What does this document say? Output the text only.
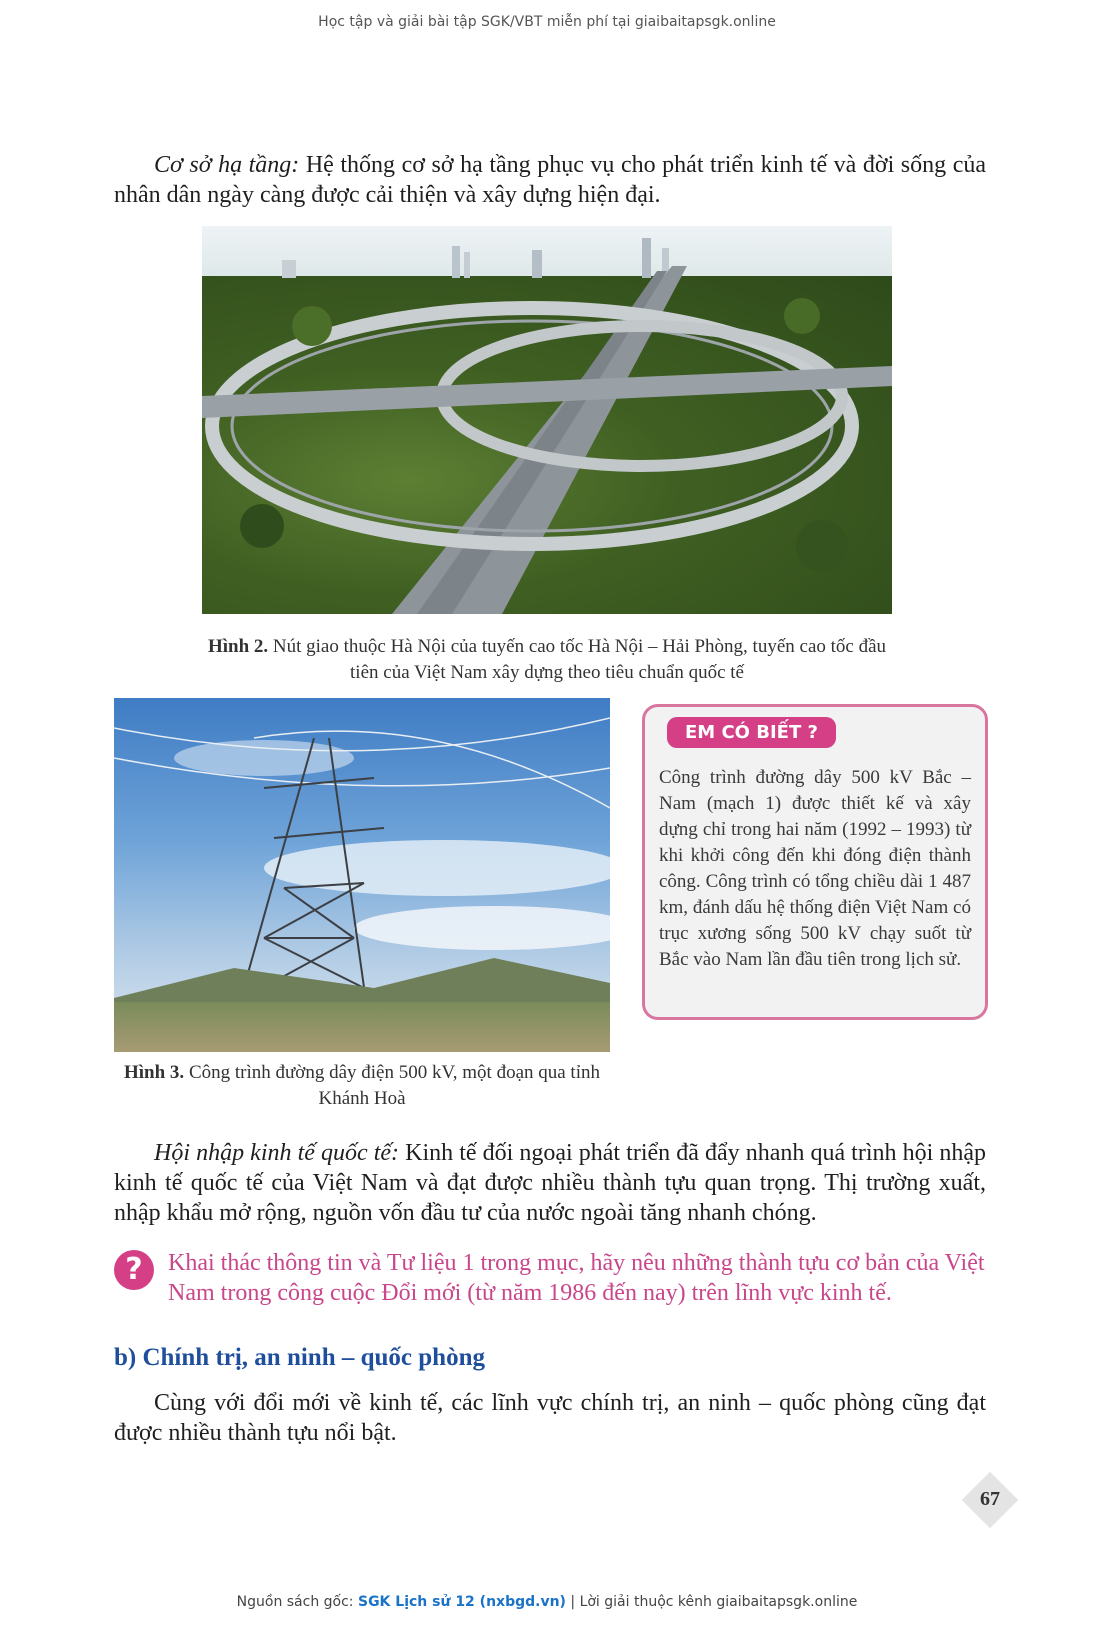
Học tập và giải bài tập SGK/VBT miễn phí tại giaibaitapsgk.online
Cơ sở hạ tầng: Hệ thống cơ sở hạ tầng phục vụ cho phát triển kinh tế và đời sống của nhân dân ngày càng được cải thiện và xây dựng hiện đại.
Hình 2. Nút giao thuộc Hà Nội của tuyến cao tốc Hà Nội – Hải Phòng, tuyến cao tốc đầu tiên của Việt Nam xây dựng theo tiêu chuẩn quốc tế
Hình 3. Công trình đường dây điện 500 kV, một đoạn qua tỉnh Khánh Hoà
EM CÓ BIẾT ?
Công trình đường dây 500 kV Bắc – Nam (mạch 1) được thiết kế và xây dựng chỉ trong hai năm (1992 – 1993) từ khi khởi công đến khi đóng điện thành công. Công trình có tổng chiều dài 1 487 km, đánh dấu hệ thống điện Việt Nam có trục xương sống 500 kV chạy suốt từ Bắc vào Nam lần đầu tiên trong lịch sử.
Hội nhập kinh tế quốc tế: Kinh tế đối ngoại phát triển đã đẩy nhanh quá trình hội nhập kinh tế quốc tế của Việt Nam và đạt được nhiều thành tựu quan trọng. Thị trường xuất, nhập khẩu mở rộng, nguồn vốn đầu tư của nước ngoài tăng nhanh chóng.
?	Khai thác thông tin và Tư liệu 1 trong mục, hãy nêu những thành tựu cơ bản của Việt Nam trong công cuộc Đổi mới (từ năm 1986 đến nay) trên lĩnh vực kinh tế.
b) Chính trị, an ninh – quốc phòng
Cùng với đổi mới về kinh tế, các lĩnh vực chính trị, an ninh – quốc phòng cũng đạt được nhiều thành tựu nổi bật.
67
Nguồn sách gốc: SGK Lịch sử 12 (nxbgd.vn) | Lời giải thuộc kênh giaibaitapsgk.online
